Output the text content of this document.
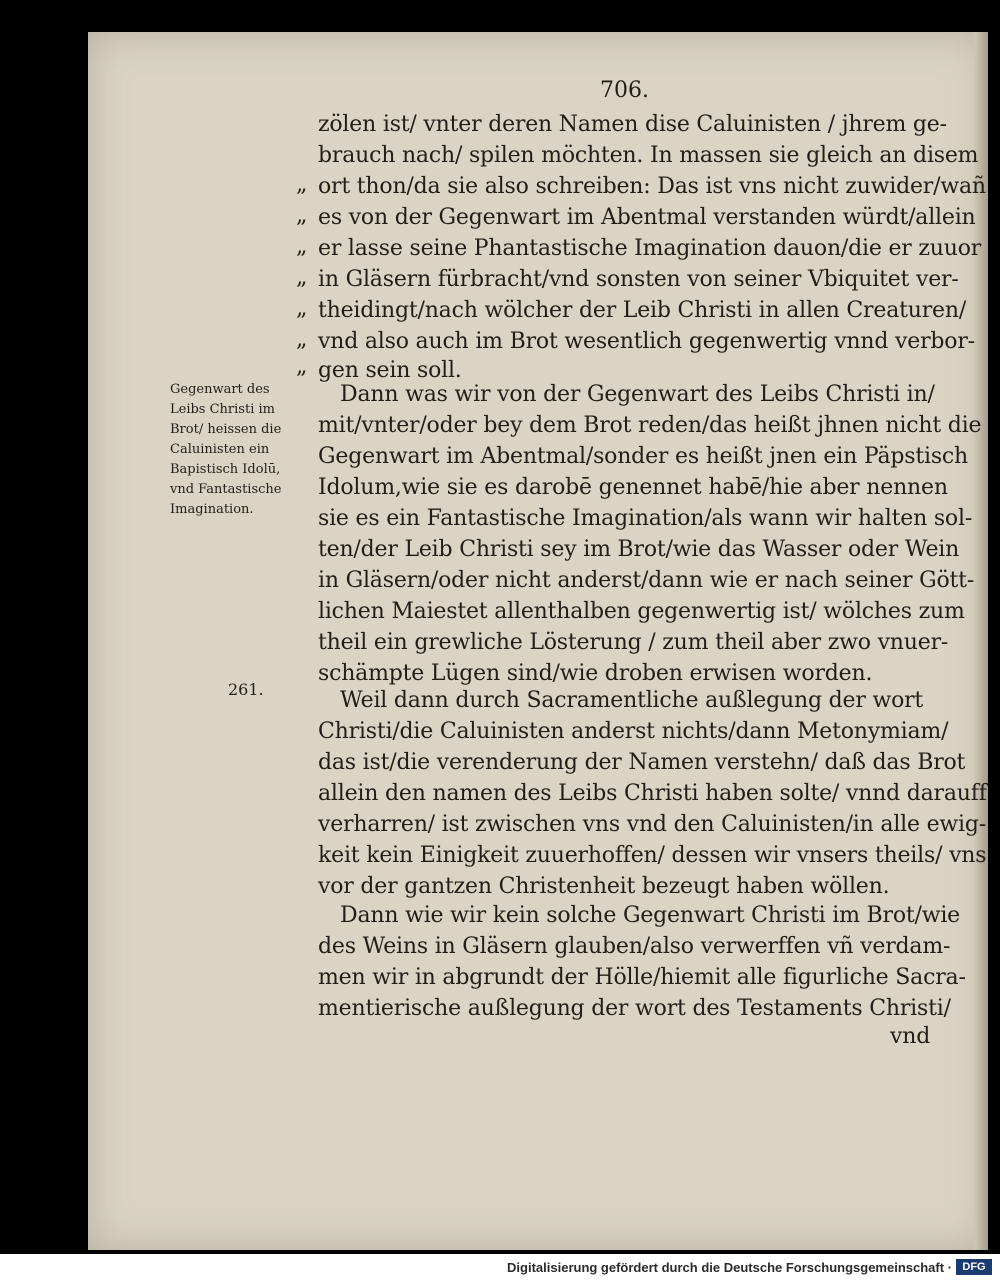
706.
zölen ist/ vnter deren Namen dise Caluinisten / jhrem ge-
brauch nach/ spilen möchten. In massen sie gleich an disem
ort thon/da sie also schreiben: Das ist vns nicht zuwider/wañ
es von der Gegenwart im Abentmal verstanden würdt/allein
er lasse seine Phantastische Imagination dauon/die er zuuor
in Gläsern fürbracht/vnd sonsten von seiner Vbiquitet ver-
theidingt/nach wölcher der Leib Christi in allen Creaturen/
vnd also auch im Brot wesentlich gegenwertig vnnd verbor-
gen sein soll.
Dann was wir von der Gegenwart des Leibs Christi in/
mit/vnter/oder bey dem Brot reden/das heißt jhnen nicht die
Gegenwart im Abentmal/sonder es heißt jnen ein Päpstisch
Idolum,wie sie es darobē genennet habē/hie aber nennen
sie es ein Fantastische Imagination/als wann wir halten sol-
ten/der Leib Christi sey im Brot/wie das Wasser oder Wein
in Gläsern/oder nicht anderst/dann wie er nach seiner Gött-
lichen Maiestet allenthalben gegenwertig ist/ wölches zum
theil ein grewliche Lösterung / zum theil aber zwo vnuer-
schämpte Lügen sind/wie droben erwisen worden.
Weil dann durch Sacramentliche außlegung der wort
Christi/die Caluinisten anderst nichts/dann Metonymiam/
das ist/die verenderung der Namen verstehn/ daß das Brot
allein den namen des Leibs Christi haben solte/ vnnd darauff
verharren/ ist zwischen vns vnd den Caluinisten/in alle ewig-
keit kein Einigkeit zuuerhoffen/ dessen wir vnsers theils/ vns
vor der gantzen Christenheit bezeugt haben wöllen.
Dann wie wir kein solche Gegenwart Christi im Brot/wie
des Weins in Gläsern glauben/also verwerffen vñ verdam-
men wir in abgrundt der Hölle/hiemit alle figurliche Sacra-
mentierische außlegung der wort des Testaments Christi/
vnd
„
„
„
„
„
„
„
Gegenwart des
Leibs Christi im
Brot/ heissen die
Caluinisten ein
Bapistisch Idolū,
vnd Fantastische
Imagination.
261.
Digitalisierung gefördert durch die Deutsche Forschungsgemeinschaft · DFG
